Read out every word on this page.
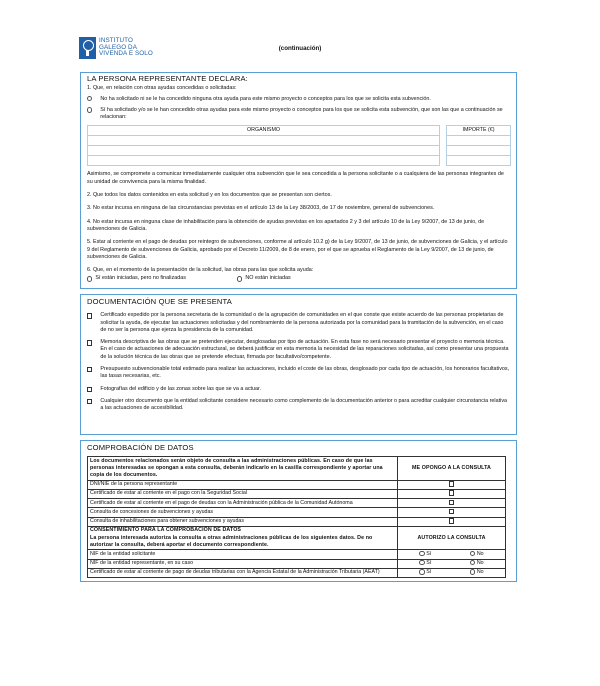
INSTITUTO
GALEGO DA
VIVENDA E SOLO
(continuación)
LA PERSONA REPRESENTANTE DECLARA:
1. Que, en relación con otras ayudas concedidas o solicitadas:
No ha solicitado ni se le ha concedido ninguna otra ayuda para este mismo proyecto o conceptos para los que se solicita esta subvención.
Sí ha solicitado y/o se le han concedido otras ayudas para este mismo proyecto o conceptos para los que se solicita esta subvención, que son las que a continuación se relacionan:
ORGANISMO		IMPORTE (€)

Asimismo, se compromete a comunicar inmediatamente cualquier otra subvención que le sea concedida a la persona solicitante o a cualquiera de las personas integrantes de su unidad de convivencia para la misma finalidad.
2. Que todos los datos contenidos en esta solicitud y en los documentos que se presentan son ciertos.
3. No estar incursa en ninguna de las circunstancias previstas en el artículo 13 de la Ley 38/2003, de 17 de noviembre, general de subvenciones.
4. No estar incursa en ninguna clase de inhabilitación para la obtención de ayudas previstas en los apartados 2 y 3 del artículo 10 de la Ley 9/2007, de 13 de junio, de subvenciones de Galicia.
5. Estar al corriente en el pago de deudas por reintegro de subvenciones, conforme al artículo 10.2 g) de la Ley 9/2007, de 13 de junio, de subvenciones de Galicia, y el artículo 9 del Reglamento de subvenciones de Galicia, aprobado por el Decreto 11/2009, de 8 de enero, por el que se aprueba el Reglamento de la Ley 9/2007, de 13 de junio, de subvenciones de Galicia.
6. Que, en el momento de la presentación de la solicitud, las obras para las que solicita ayuda:
Sí están iniciadas, pero no finalizadas	NO están iniciadas
DOCUMENTACIÓN QUE SE PRESENTA
Certificado expedido por la persona secretaria de la comunidad o de la agrupación de comunidades en el que conste que existe acuerdo de las personas propietarias de solicitar la ayuda, de ejecutar las actuaciones solicitadas y del nombramiento de la persona autorizada por la comunidad para la tramitación de la subvención, en el caso de no ser la persona que ejerza la presidencia de la comunidad.
Memoria descriptiva de las obras que se pretenden ejecutar, desglosadas por tipo de actuación. En esta fase no será necesario presentar el proyecto o memoria técnica. En el caso de actuaciones de adecuación estructural, se deberá justificar en esta memoria la necesidad de las reparaciones solicitadas, así como presentar una propuesta de la solución técnica de las obras que se pretende efectuar, firmada por facultativo/competente.
Presupuesto subvencionable total estimado para realizar las actuaciones, incluido el coste de las obras, desglosado por cada tipo de actuación, los honorarios facultativos, las tasas necesarias, etc.
Fotografías del edificio y de las zonas sobre las que se va a actuar.
Cualquier otro documento que la entidad solicitante considere necesario como complemento de la documentación anterior o para acreditar cualquier circunstancia relativa a las actuaciones de accesibilidad.
COMPROBACIÓN DE DATOS
Los documentos relacionados serán objeto de consulta a las administraciones públicas. En caso de que las personas interesadas se opongan a esta consulta, deberán indicarlo en la casilla correspondiente y aportar una copia de los documentos.	ME OPONGO A LA CONSULTA
DNI/NIE de la persona representante	
Certificado de estar al corriente en el pago con la Seguridad Social	
Certificado de estar al corriente en el pago de deudas con la Administración pública de la Comunidad Autónoma	
Consulta de concesiones de subvenciones y ayudas	
Consulta de inhabilitaciones para obtener subvenciones y ayudas	

CONSENTIMIENTO PARA LA COMPROBACIÓN DE DATOS
La persona interesada autoriza la consulta a otras administraciones públicas de los siguientes datos. De no autorizar la consulta, deberá aportar el documento correspondiente.	AUTORIZO LA CONSULTA
NIF de la entidad solicitante	Sí No

NIF de la entidad representante, en su caso	Sí No

Certificado de estar al corriente de pago de deudas tributarias con la Agencia Estatal de la Administración Tributaria (AEAT)	Sí No
